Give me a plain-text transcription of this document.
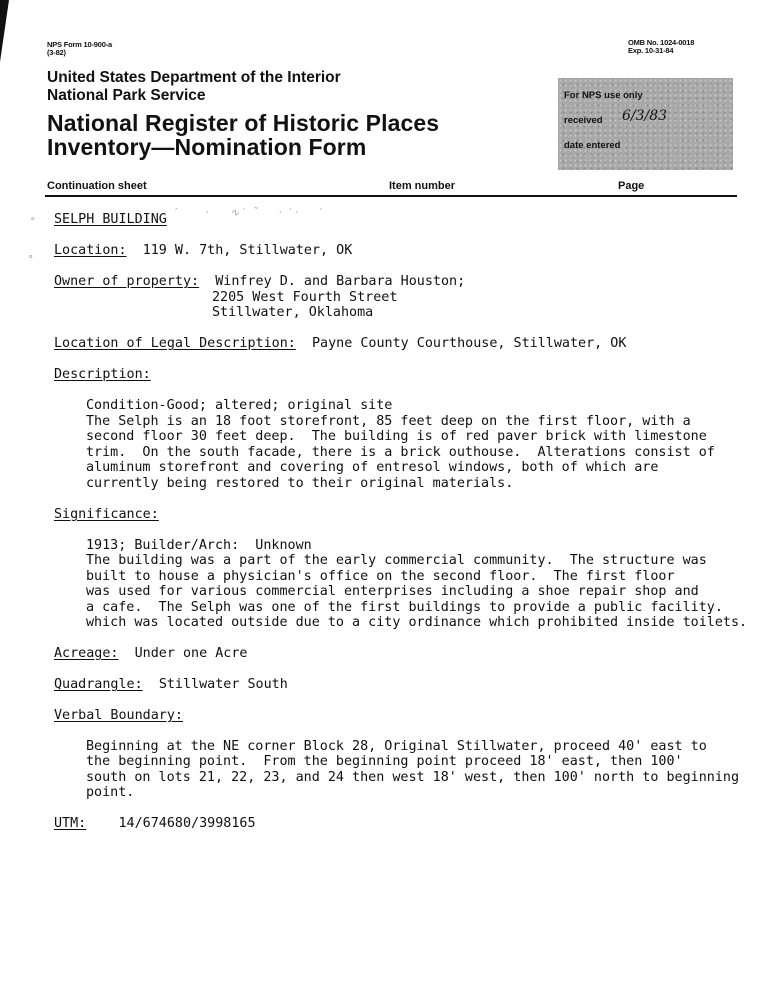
NPS Form 10-900-a
(3-82)
OMB No. 1024-0018
Exp. 10-31-84
United States Department of the Interior
National Park Service
National Register of Historic Places
Inventory—Nomination Form
For NPS use only
received 6/3/83
date entered
Continuation sheet	Item number	Page
∘
∘
′        ·      ∿ ′  ˜      ·  ′ ·      ′
SELPH BUILDING
Location: 119 W. 7th, Stillwater, OK
Owner of property: Winfrey D. and Barbara Houston;
2205 West Fourth Street
Stillwater, Oklahoma
Location of Legal Description: Payne County Courthouse, Stillwater, OK
Description:
Condition-Good; altered; original site
The Selph is an 18 foot storefront, 85 feet deep on the first floor, with a
second floor 30 feet deep.  The building is of red paver brick with limestone
trim.  On the south facade, there is a brick outhouse.  Alterations consist of
aluminum storefront and covering of entresol windows, both of which are
currently being restored to their original materials.
Significance:
1913; Builder/Arch:  Unknown
The building was a part of the early commercial community.  The structure was
built to house a physician's office on the second floor.  The first floor
was used for various commercial enterprises including a shoe repair shop and
a cafe.  The Selph was one of the first buildings to provide a public facility.
which was located outside due to a city ordinance which prohibited inside toilets.
Acreage: Under one Acre
Quadrangle: Stillwater South
Verbal Boundary:
Beginning at the NE corner Block 28, Original Stillwater, proceed 40' east to
the beginning point.  From the beginning point proceed 18' east, then 100'
south on lots 21, 22, 23, and 24 then west 18' west, then 100' north to beginning
point.
UTM: 14/674680/3998165
